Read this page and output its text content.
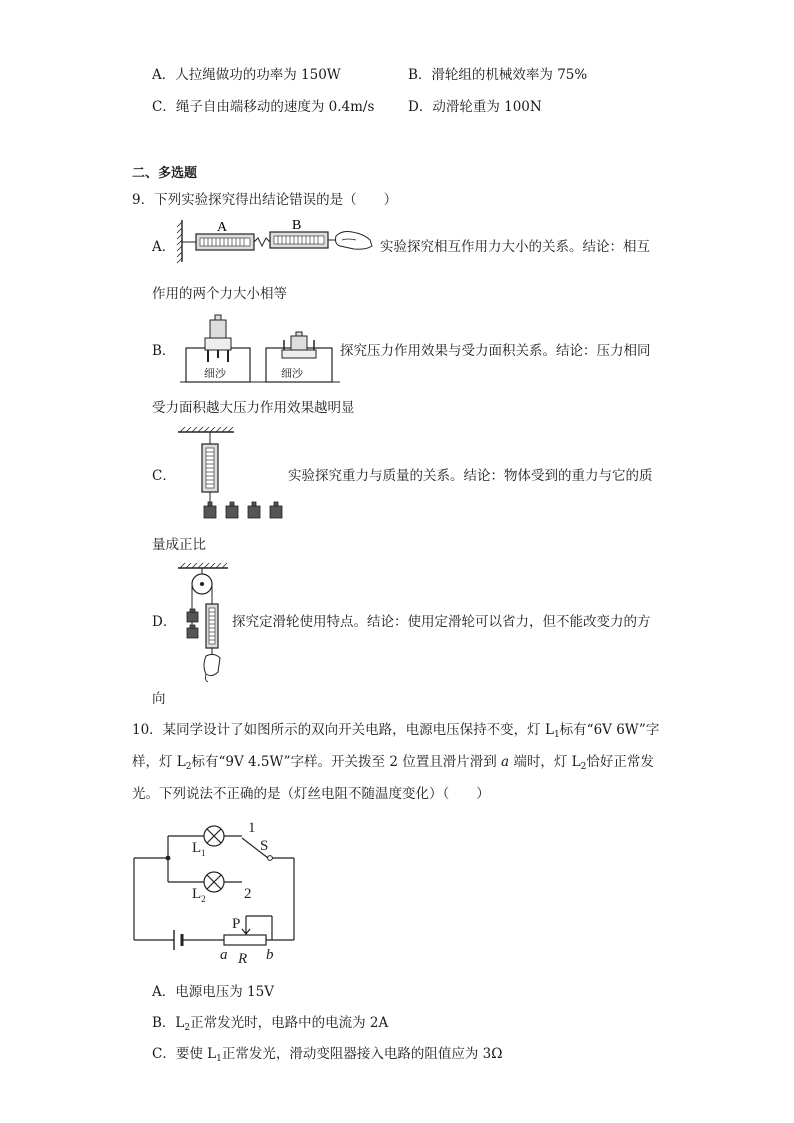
A．人拉绳做功的功率为 150W	B．滑轮组的机械效率为 75%
C．绳子自由端移动的速度为 0.4m/s D．动滑轮重为 100N
二、多选题
9．下列实验探究得出结论错误的是（　　）
A．
A	B
实验探究相互作用力大小的关系。结论：相互
作用的两个力大小相等
B．
细沙	细沙
探究压力作用效果与受力面积关系。结论：压力相同
受力面积越大压力作用效果越明显
C．	实验探究重力与质量的关系。结论：物体受到的重力与它的质
量成正比
D．	探究定滑轮使用特点。结论：使用定滑轮可以省力，但不能改变力的方
向
10．某同学设计了如图所示的双向开关电路，电源电压保持不变，灯 $L_1$标有“6V 6W”字
样，灯 $L_2$标有“9V 4.5W”字样。开关拨至 2 位置且滑片滑到 a 端时，灯 $L_2$恰好正常发
光。下列说法不正确的是（灯丝电阻不随温度变化）（　　）
1
2
S
$L_1$
$L_2$
P
a R b
A．电源电压为 15V
B．$L_2$正常发光时，电路中的电流为 2A
C．要使 $L_1$正常发光，滑动变阻器接入电路的阻值应为 3Ω
